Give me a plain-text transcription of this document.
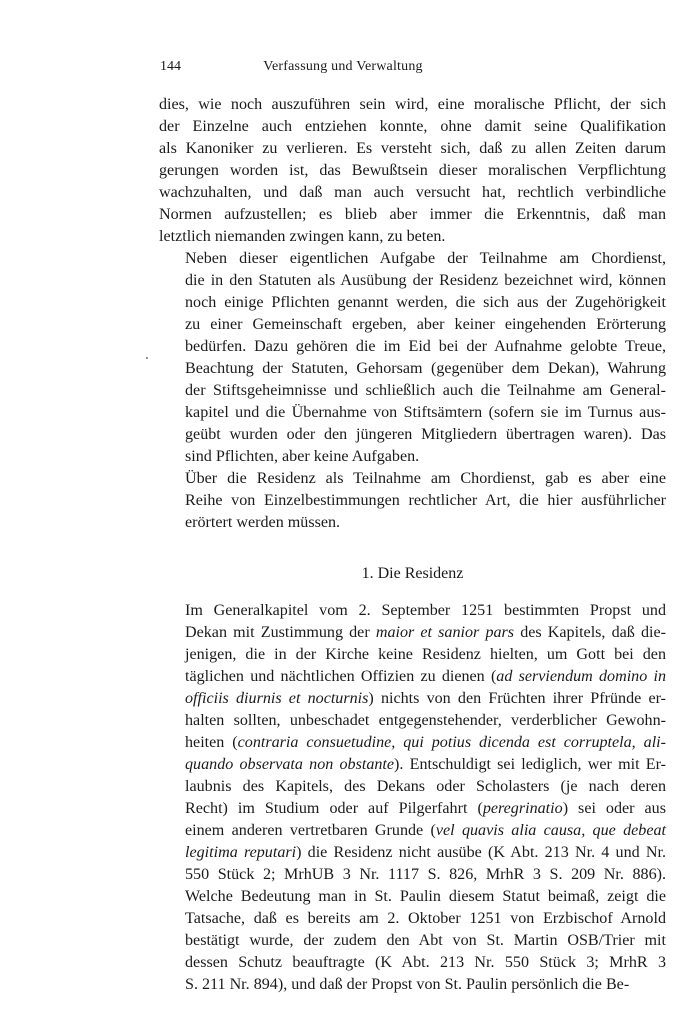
144	Verfassung und Verwaltung

dies, wie noch auszuführen sein wird, eine moralische Pflicht, der sich
der Einzelne auch entziehen konnte, ohne damit seine Qualifikation
als Kanoniker zu verlieren. Es versteht sich, daß zu allen Zeiten darum
gerungen worden ist, das Bewußtsein dieser moralischen Verpflichtung
wachzuhalten, und daß man auch versucht hat, rechtlich verbindliche
Normen aufzustellen; es blieb aber immer die Erkenntnis, daß man
letztlich niemanden zwingen kann, zu beten.

Neben dieser eigentlichen Aufgabe der Teilnahme am Chordienst,
die in den Statuten als Ausübung der Residenz bezeichnet wird, können
noch einige Pflichten genannt werden, die sich aus der Zugehörigkeit
zu einer Gemeinschaft ergeben, aber keiner eingehenden Erörterung
bedürfen. Dazu gehören die im Eid bei der Aufnahme gelobte Treue,
Beachtung der Statuten, Gehorsam (gegenüber dem Dekan), Wahrung
der Stiftsgeheimnisse und schließlich auch die Teilnahme am General-
kapitel und die Übernahme von Stiftsämtern (sofern sie im Turnus aus-
geübt wurden oder den jüngeren Mitgliedern übertragen waren). Das
sind Pflichten, aber keine Aufgaben.

Über die Residenz als Teilnahme am Chordienst, gab es aber eine
Reihe von Einzelbestimmungen rechtlicher Art, die hier ausführlicher
erörtert werden müssen.

1. Die Residenz

Im Generalkapitel vom 2. September 1251 bestimmten Propst und
Dekan mit Zustimmung der maior et sanior pars des Kapitels, daß die-
jenigen, die in der Kirche keine Residenz hielten, um Gott bei den
täglichen und nächtlichen Offizien zu dienen (ad serviendum domino in
officiis diurnis et nocturnis) nichts von den Früchten ihrer Pfründe er-
halten sollten, unbeschadet entgegenstehender, verderblicher Gewohn-
heiten (contraria consuetudine, qui potius dicenda est corruptela, ali-
quando observata non obstante). Entschuldigt sei lediglich, wer mit Er-
laubnis des Kapitels, des Dekans oder Scholasters (je nach deren
Recht) im Studium oder auf Pilgerfahrt (peregrinatio) sei oder aus
einem anderen vertretbaren Grunde (vel quavis alia causa, que debeat
legitima reputari) die Residenz nicht ausübe (K Abt. 213 Nr. 4 und Nr.
550 Stück 2; MrhUB 3 Nr. 1117 S. 826, MrhR 3 S. 209 Nr. 886).
Welche Bedeutung man in St. Paulin diesem Statut beimaß, zeigt die
Tatsache, daß es bereits am 2. Oktober 1251 von Erzbischof Arnold
bestätigt wurde, der zudem den Abt von St. Martin OSB/Trier mit
dessen Schutz beauftragte (K Abt. 213 Nr. 550 Stück 3; MrhR 3
S. 211 Nr. 894), und daß der Propst von St. Paulin persönlich die Be-
